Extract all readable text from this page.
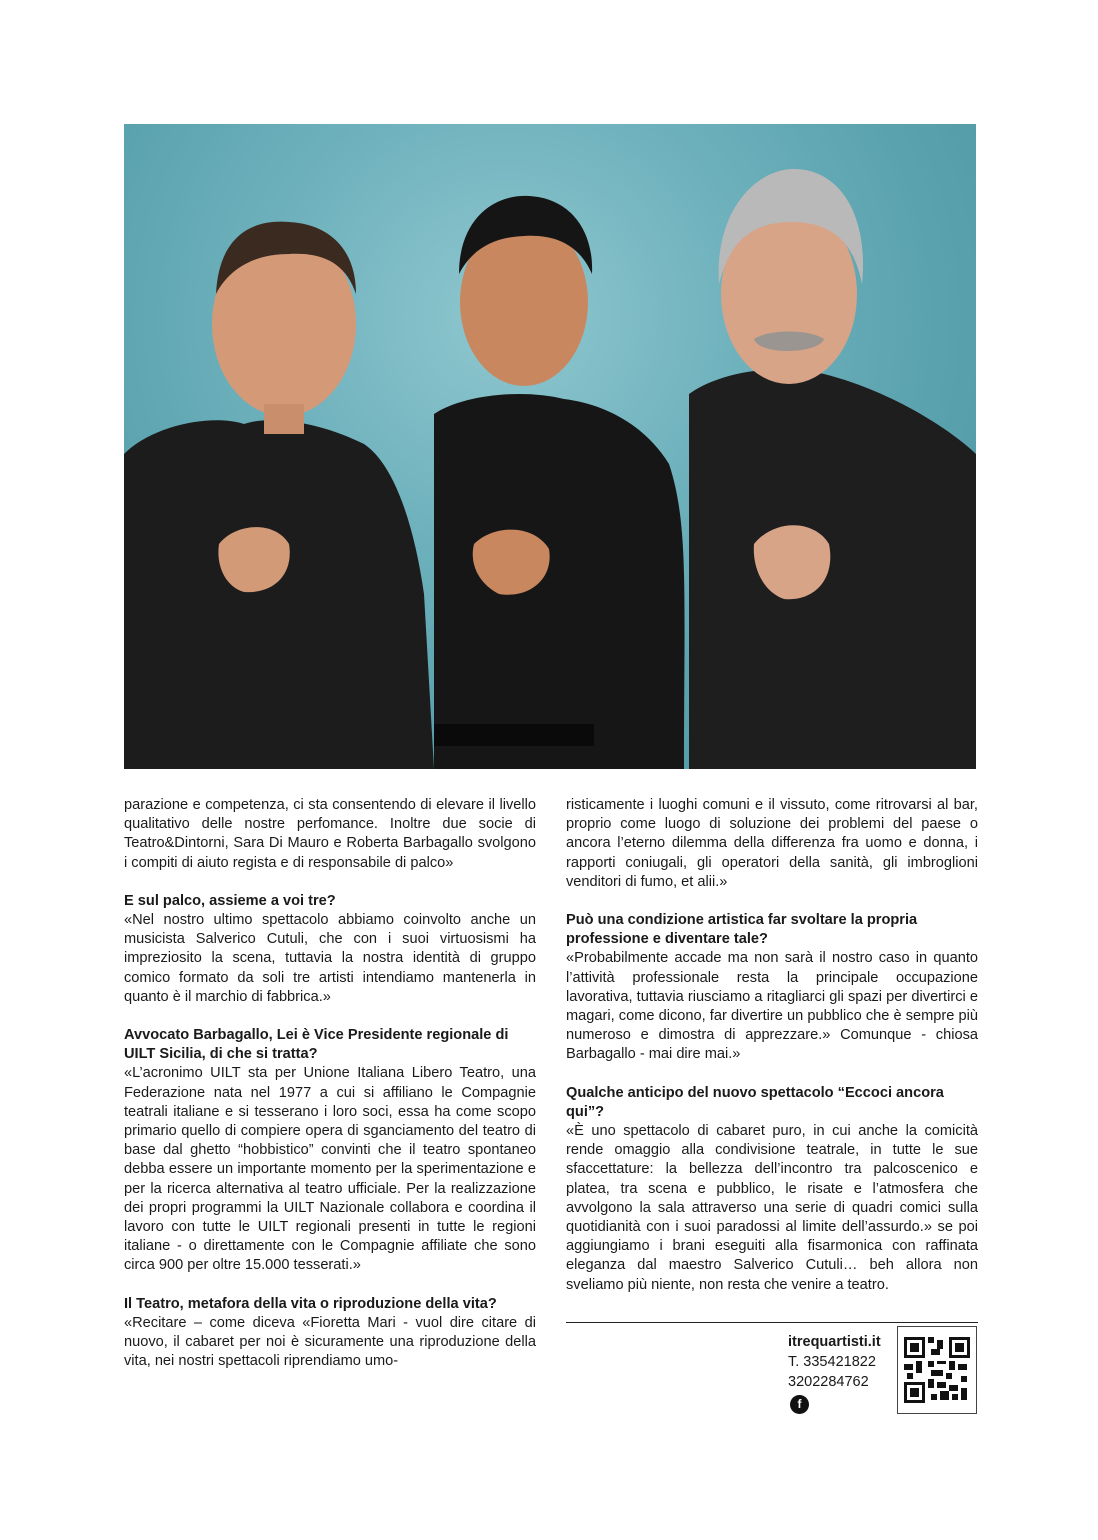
parazione e competenza, ci sta consentendo di elevare il livello qualitativo delle nostre perfomance. Inoltre due socie di Teatro&Dintorni, Sara Di Mauro e Roberta Barbagallo svolgono i compiti di aiuto regista e di responsabile di palco»

E sul palco, assieme a voi tre?

«Nel nostro ultimo spettacolo abbiamo coinvolto anche un musicista Salverico Cutuli, che con i suoi virtuosismi ha impreziosito la scena, tuttavia la nostra identità di gruppo comico formato da soli tre artisti intendiamo mantenerla in quanto è il marchio di fabbrica.»

Avvocato Barbagallo, Lei è Vice Presidente regionale di UILT Sicilia, di che si tratta?

«L’acronimo UILT sta per Unione Italiana Libero Teatro, una Federazione nata nel 1977 a cui si affiliano le Compagnie teatrali italiane e si tesserano i loro soci, essa ha come scopo primario quello di compiere opera di sganciamento del teatro di base dal ghetto “hobbistico” convinti che il teatro spontaneo debba essere un importante momento per la sperimentazione e per la ricerca alternativa al teatro ufficiale. Per la realizzazione dei propri programmi la UILT Nazionale collabora e coordina il lavoro con tutte le UILT regionali presenti in tutte le regioni italiane - o direttamente con le Compagnie affiliate che sono circa 900 per oltre 15.000 tesserati.»

Il Teatro, metafora della vita o riproduzione della vita?

«Recitare – come diceva «Fioretta Mari - vuol dire citare di nuovo, il cabaret per noi è sicuramente una riproduzione della vita, nei nostri spettacoli riprendiamo umo-

risticamente i luoghi comuni e il vissuto, come ritrovarsi al bar, proprio come luogo di soluzione dei problemi del paese o ancora l’eterno dilemma della differenza fra uomo e donna, i rapporti coniugali, gli operatori della sanità, gli imbroglioni venditori di fumo, et alii.»

Può una condizione artistica far svoltare la propria professione e diventare tale?

«Probabilmente accade ma non sarà il nostro caso in quanto l’attività professionale resta la principale occupazione lavorativa, tuttavia riusciamo a ritagliarci gli spazi per divertirci e magari, come dicono, far divertire un pubblico che è sempre più numeroso e dimostra di apprezzare.» Comunque - chiosa Barbagallo - mai dire mai.»

Qualche anticipo del nuovo spettacolo “Eccoci ancora qui”?

«È uno spettacolo di cabaret puro, in cui anche la comicità rende omaggio alla condivisione teatrale, in tutte le sue sfaccettature: la bellezza dell’incontro tra palcoscenico e platea, tra scena e pubblico, le risate e l’atmosfera che avvolgono la sala attraverso una serie di quadri comici sulla quotidianità con i suoi paradossi al limite dell’assurdo.» se poi aggiungiamo i brani eseguiti alla fisarmonica con raffinata eleganza dal maestro Salverico Cutuli… beh allora non sveliamo più niente, non resta che venire a teatro.

itrequartisti.it
T. 335421822
3202284762
f
